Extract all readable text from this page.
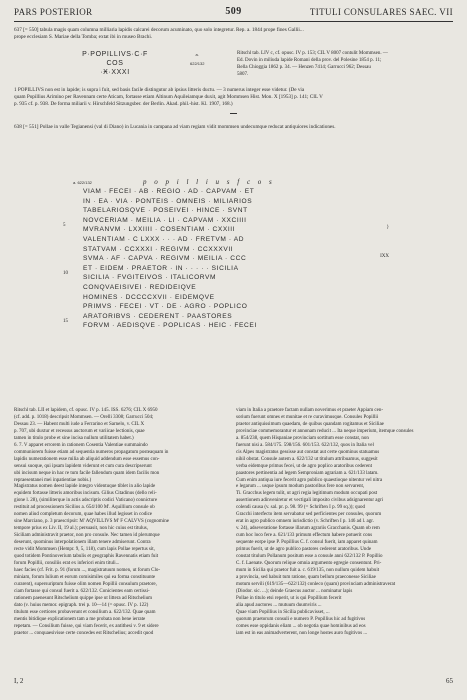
PARS POSTERIOR	509	TITULI CONSULARES SAEC. VII
637 [= 550] tabula magis quam columna milliaria lapidis calcarei decorum acuminato, quo solo integretur. Rep. a. 1844 prope fines Gallii...
prope ecclesiam S. Mariae della Tomba; extat ibi in museo Brachi.
P·POPILLIVS·C·F
COS
·Ӿ·XXXI
a. 622/132
Ritschl tab. LIV c, cf. opusc. IV p. 153; CIL V 8007 contulit Mommsen. —
Ed. Dovin in miliuda lapide Romani della prov. del Polesine 1854 p. 11;
Bella Chioggia 1862 p. 34. — Henzen 7414; Garrucci 962; Dessau
5807.
1 POPILLIVS non est in lapide; is supra i fuit, sed basis facile distingutur ab ipsius litteris ductu. — 3 numerus integer esse videtur. (De via
quam Popillius Arimino per Ravennam certe Aticam, fortasse etiam Altinum Aquileiamque duxit, agit Mommsen Hist. Mon. X [1953] p. 141; CIL V
p. 935 cf. p. 938. De forma miliarii v. Hirschfeld Sitzungsber. der Berlin. Akad. phil.-hist. Kl. 1907, 168.)
638 [= 551] Pollae in valle Tegianensi (val di Diano) in Lucania in campana ad viam regiam vidit mommsen undecumque reducat antiquiores indicationes.
a. 622/132	p o p i l l i u s f c o s
VIAM · FECEI · AB · REGIO · AD · CAPVAM · ET
IN · EA · VIA · PONTEIS · OMNEIS · MILIARIOS
TABELARIOSQVE · POSEIVEI · HINCE · SVNT
NOVCERIAM · MEILIA · LI · CAPVAM · XXCIIII
MVRANVM · LXXIIII · COSENTIAM · CXXIII
VALENTIAM · C LXXX · · · AD · FRETVM · AD
STATVAM · CCXXXI · REGIVM · CCXXXVII
SVMA · AF · CAPVA · REGIVM · MEILIA · CCC
ET · EIDEM · PRAETOR · IN · · · · · SICILIA
SICILIA · FVGITEIVOS · ITALICORVM
CONQVAEISIVEI · REDIDEIQVE
HOMINES · DCCCCXVII · EIDEMQVE
PRIMVS · FECEI · VT · DE · AGRO · POPLICO
ARATORIBVS · CEDERENT · PAASTORES
FORVM · AEDISQVE · POPLICAS · HEIC · FECEI
5
10
15
}
IXX

Ritschl tab. LII et lapidem, cf. opusc. IV p. 145. ISS. 6276; CIL X 6950

(cf. add. p. 1018) descripsit Mommsen. — Orelli 3308; Garrucci 504;

Dessau 23. — Habent multi iude a Ferrarino et Sarnelo, v. CIL X

p. 707, ubi duxtur et recessus auctorum et variicae lectionis, quae

tamen in titulo probe et sine incisa nullum utilitatem habet.)

6. 7. V apparet errorem in rationem Cosentia Valentiae summaindo

communiorem fuisse etiam ad sequentia numeros propagatum posteaquam in

lapidis numerationem esse milia ab aliquid addendum esse essemus con-

sensui suoque, qui ipsam lapidem viderunt et cum cura descripserunt

ubi incisum neque in hac re tum facile fallendum quam idem facilis mon

repraesentanei mei inpatientiae nobis.)

Magistratus nomen deest lapide integro videntuque tiblet in alio lapide

equidem fortasse litteris amoribus incisum. Gilius Citadinus (dello reli-

gione l. 28), (similiterque in actis adscriptis codici Vaticano) connicture

restituit ad processionem Sicilios a. 654/100 M'. Aquillium consule ob

nomen aliud completum decorum, quae habes illud legisset in codice

sine Marciano, p. 3 praescripsit: M' AQVILLIVS M' F CALVVS (cognomine

tempore prius ex Liv. II, 19 al.); persuasit, non hic cuius est titulus,

Siciliam administravit praetor, non pro consule. Nec tamen id plerumque

deserunt, quominus interpolationem illam tenere admiserunt. Contra

recte vidit Mommsen (Hempr. 9, 5, 118), cum lapis Pollae repertus sit,

quod totidem Pontinoverium tabulis et geographis Ravennatis etiam fuit

forum Popillii, consiliis erat ex inferiori enim tituli...

haec facies (cf. Frit. p. 91 (forum ..., magistratuum nomen, ut forum Clo-

miniam, forum Iulium et eorum comisimiles qui ea forma constituunte

curarent), supersuriptum fuisse olim nomen Popillii consulum praetore,

ciam fortasse qui consul fuerit a. 622/132. Conicientes eam certissi-

rationem paenesunt Ritschelium quippe ipse ut littera ad Ritschelium

dato (v. huius memor. epigraph. trei p. 10—14 (= opusc. IV p. 122)

titulum esse certiores probaverunt et consilium a. 622/132. Quae quam

mentis bitidique explicationem tam a me probata non bene ierrate

repetam. — Consilium fuisse, qui viam fecerit, ex antithesi v. 9 et sidere

praetor ... conquaesivisse certe concedes est Ritschelius; accedit quod

viam in Italia a praetore factam nullam noverimus et praeter Appiam cen-

sorium fuerunt omnes et munitae et re curavimusque. Consules Popillii

praetor antiquissimum quaedam, de quibus quandam rogitamus et Siciliae

provinciae commemorantur et annonam reducit ... Ita neque imperium, itemque consules

a. 854/238, quem Hispaniae provinciam sortitum esse constat, non

fuerunt nisi a. 584/175. 598/156. 601/153. 622/132, quos in Italia vel

cis Alpes magistratus gessisse aut constat aut certe quominus statuamus

nihil obstat. Consule autem a. 622/132 ut titulum attribuamus, suggesit

verba eidemque primus fecei, ut de agro poplico aratoribus cederent

paastores pertinentia ad legem Semproniam agrariam a. 621/133 latam.

Cum enim antiqua iure fecerit agro publico quaestioque nitentur vel nitra

e legarum ... usque ipsum modum pastoribus fere non servarent,

Ti. Gracchus legem tulit, ut agri regia legitimum modum occupati post

assertionem adinveniretur et vectigali imposito civibus adsignarentur agri

colendi causa (v. sal. pr. p. 98. 99 (= Schriften I p. 99 sq.)); quod

Gracchi interfecto item servabatur sed perficientes per consules, quorum

erat in agro publico omnem iurisdictio (v. Schriften I p. 146 ad l. agr.

v. 24), adseveratione fortasse illarum agrariis Gracchanis. Quam ob rem

cum hoc loco fere a. 621/133 primum effectum habere potuerit cons

sequente eorpe ipse P. Popillius C. f. consul fuerit, iam apparet quinam

primus fuerit, ut de agro publico pastores cederent aratoribus. Unde

constat titulum Pollanum positum esse a consule anni 622/132 P. Popillio

C. f. Laenate. Quorum relique omnia argumento egregie consentunt. Pri-

mum in Sicilia qui praetor fuit a. c. 619/135, non nullum quidem habuit

a provincia, sed habuit tum ratione, quam bellum praeconesse Siciliae

motum servili (619/135—622/132) conleco (quam) provinciam administraverat

(Diodor. sic. ...); deinde Graecus auctor ... nominatur lapis

Pollae in titulo etsi reperit, ut is qui Popillium fecerit

alia apud auctores ... mutuum duumviris ...

Quae viam Popillius in Sicilia publicavisset, ...

quorum praetorum consuli e numero P. Popillius hic ad fugitivos

comes esse oppidanis eliam ... ob negotia quae hominibus ad eos

iam est in eas animadverterent, non longe hostes auro fugitivos ...

I, 2	65
